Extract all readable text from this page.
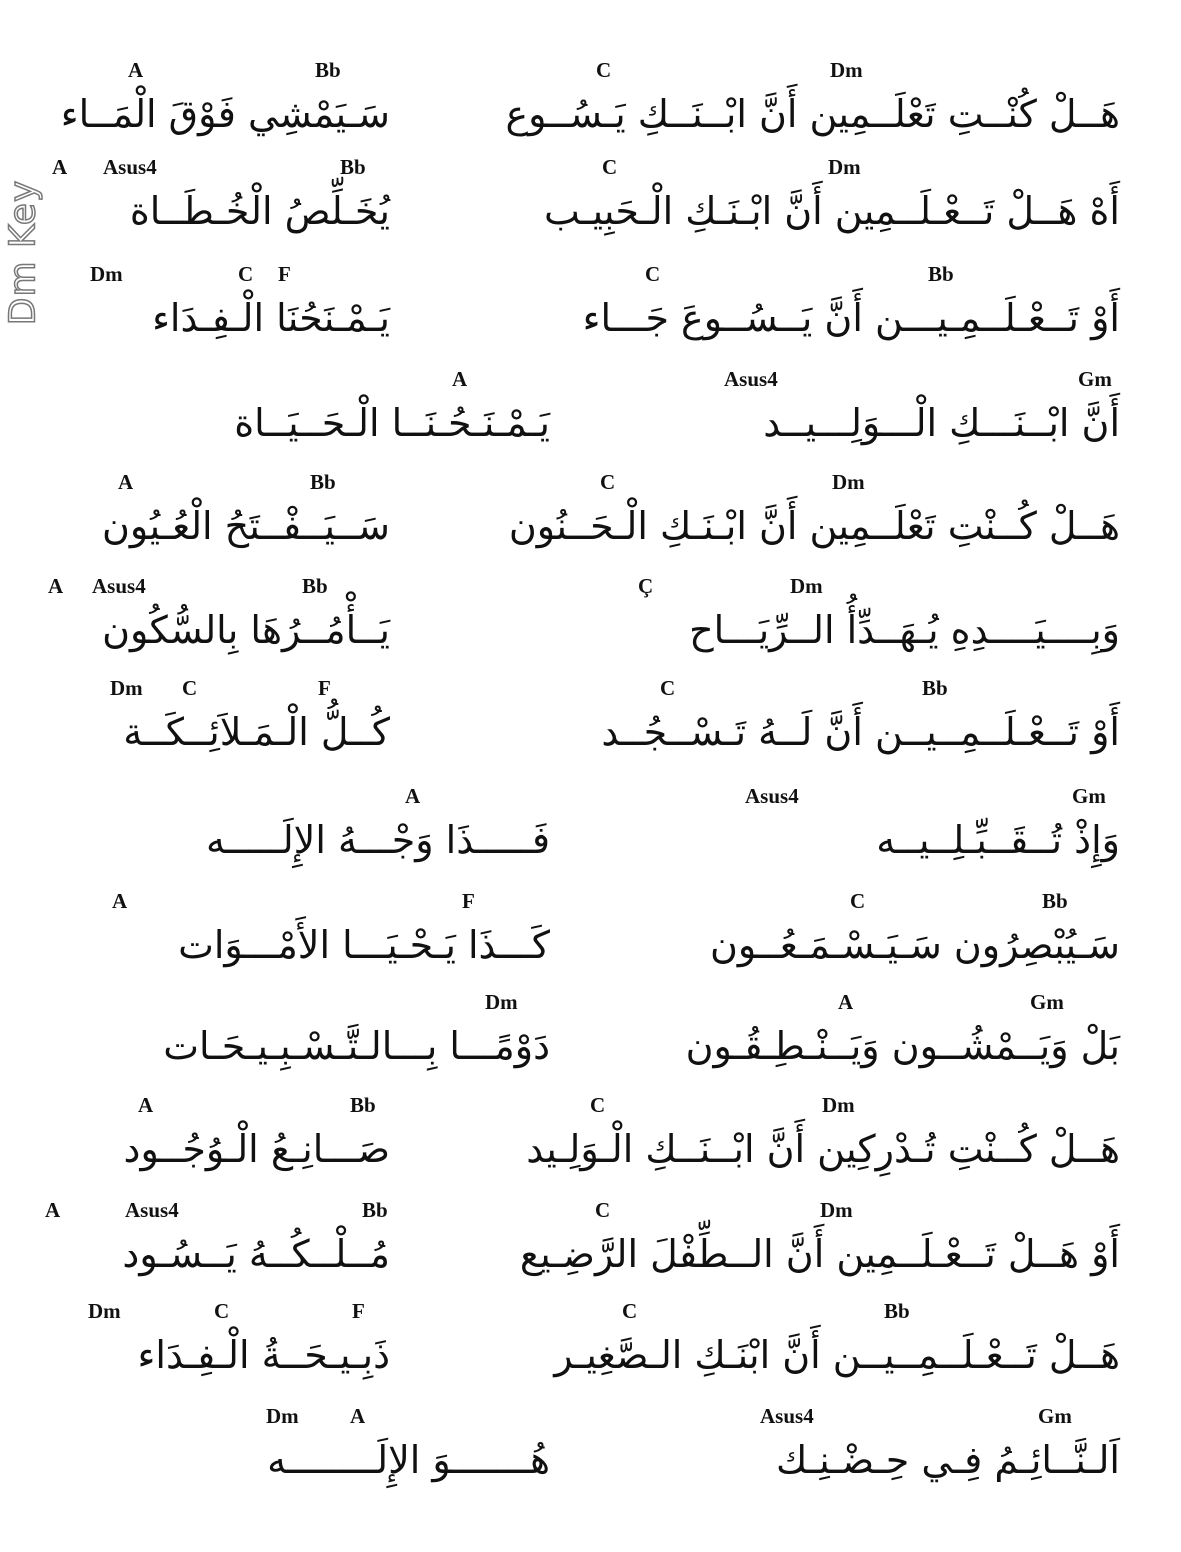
Dm Key
A	Bb	C	Dm
سَـيَمْشِي فَوْقَ الْمَــاء	هَــلْ كُنْــتِ تَعْلَــمِين أَنَّ ابْــنَــكِ يَـسُــوع
A Asus4	Bb	C	Dm
يُخَـلِّصُ الْخُـطَــاة	أَهْ هَــلْ تَــعْـلَــمِين أَنَّ ابْـنَـكِ الْـحَبِيـب
Dm	C F	C	Bb
يَـمْـنَحُنَا الْـفِـدَاء	أَوْ تَــعْـلَــمِـيـــن أَنَّ يَــسُــوعَ جَـــاء
A	Asus4	Gm
يَـمْـنَـحُـنَــا الْـحَــيَــاة	أَنَّ ابْــنَـــكِ الْـــوَلِـــيــد
A	Bb	C	Dm
سَــيَــفْــتَحُ الْعُـيُون	هَــلْ كُــنْتِ تَعْلَــمِين أَنَّ ابْـنَـكِ الْـحَــنُون
A Asus4	Bb	Ç	Dm
يَــأْمُــرُهَا بِالسُّكُون	وَبِــــيَــــدِهِ يُـهَــدِّأُ الــرِّيَـــاح
Dm C	F	C	Bb
كُــلُّ الْـمَـلاَئِــكَــة	أَوْ تَــعْـلَــمِــيــن أَنَّ لَــهُ تَـسْــجُــد
A	Asus4	Gm
فَـــــذَا وَجْـــهُ الإِلَـــــه	وَإِذْ تُــقَــبِّـلِــيــه
A	F	C	Bb
كَـــذَا يَـحْـيَـــا الأَمْـــوَات	سَـيُبْصِرُون سَـيَـسْـمَـعُــون
Dm	A	Gm
دَوْمًـــا بِـــالـتَّـسْـبِـيـحَـات	بَلْ وَيَــمْشُــون وَيَــنْـطِـقُـون
A	Bb	C	Dm
صَـــانِـعُ الْـوُجُــود	هَــلْ كُــنْتِ تُـدْرِكِين أَنَّ ابْــنَــكِ الْـوَلِـيد
A	Asus4	Bb	C	Dm
مُــلْــكُــهُ يَــسُـود	أَوْ هَــلْ تَــعْـلَــمِين أَنَّ الــطِّفْلَ الرَّضِـيع
Dm	C	F	C	Bb
ذَبِـيـحَــةُ الْـفِـدَاء	هَــلْ تَــعْـلَــمِــيــن أَنَّ ابْنَـكِ الـصَّغِيـر
Dm A	Asus4	Gm
هُـــــــوَ الإِلَــــــــه	اَلـنَّــائِـمُ فِـي حِـضْـنِـك
